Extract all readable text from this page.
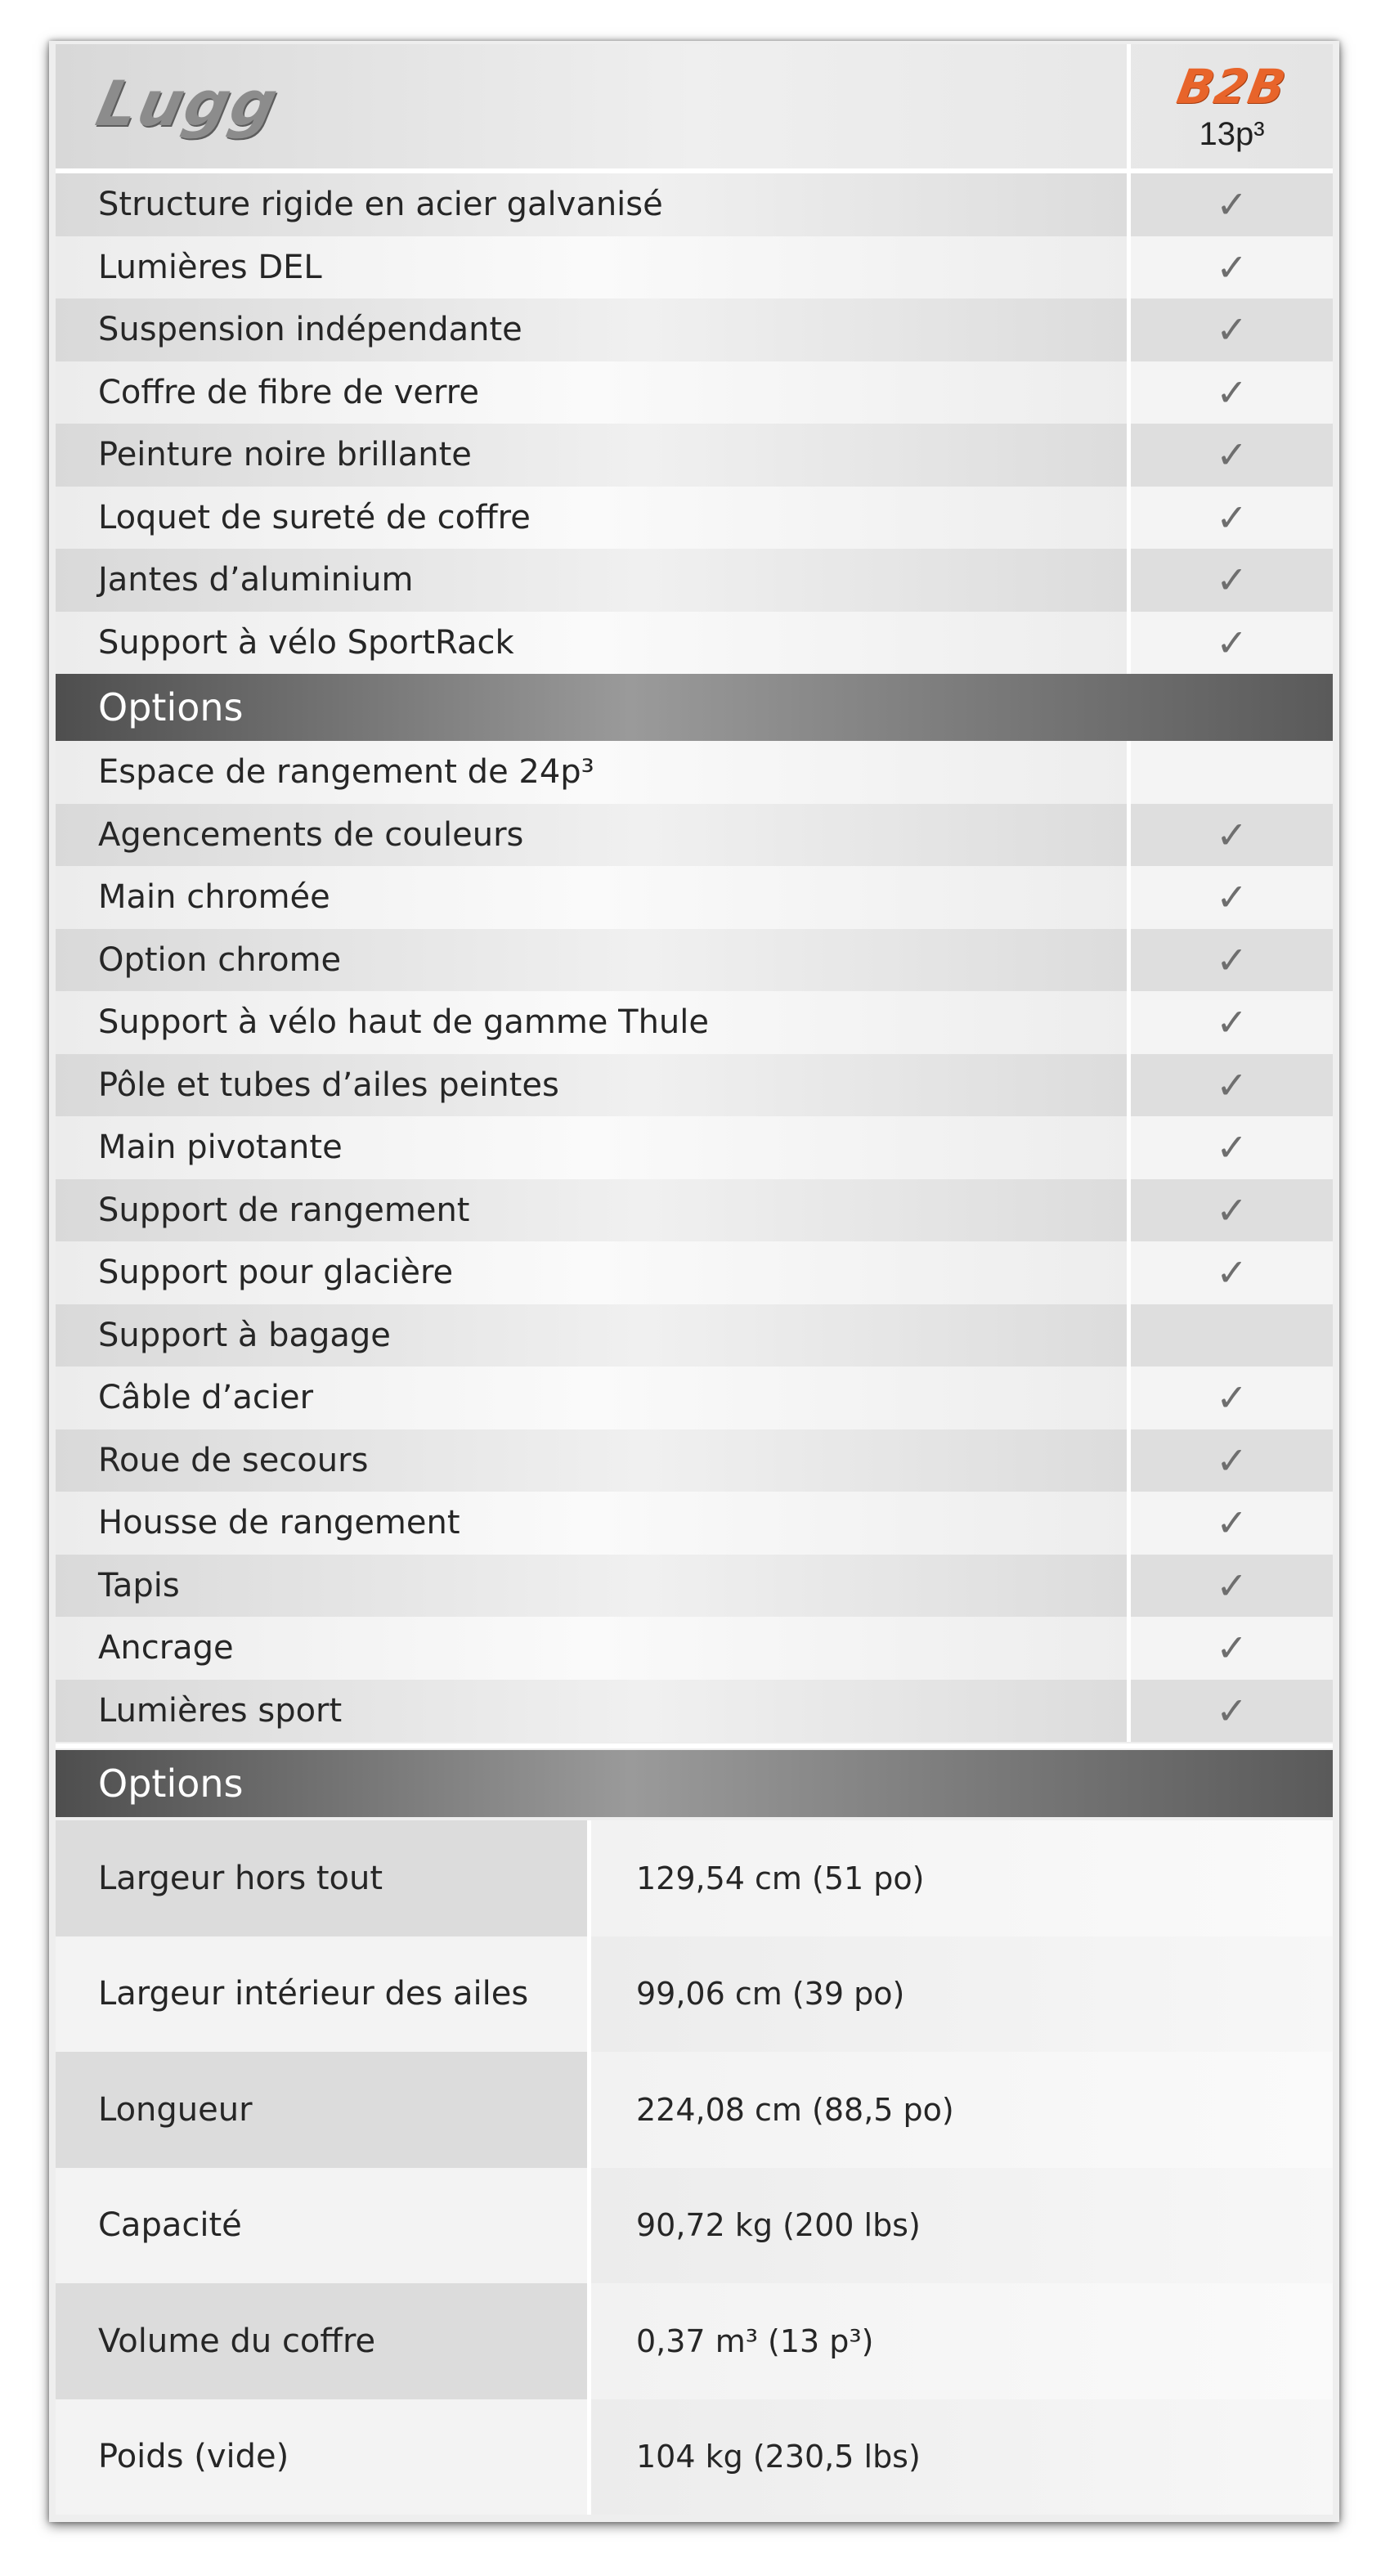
Lugg	B2B
13p³
Structure rigide en acier galvanisé	✓
Lumières DEL	✓
Suspension indépendante	✓
Coffre de fibre de verre	✓
Peinture noire brillante	✓
Loquet de sureté de coffre	✓
Jantes d’aluminium	✓
Support à vélo SportRack	✓
Options
Espace de rangement de 24p³
Agencements de couleurs	✓
Main chromée	✓
Option chrome	✓
Support à vélo haut de gamme Thule	✓
Pôle et tubes d’ailes peintes	✓
Main pivotante	✓
Support de rangement	✓
Support pour glacière	✓
Support à bagage
Câble d’acier	✓
Roue de secours	✓
Housse de rangement	✓
Tapis	✓
Ancrage	✓
Lumières sport	✓
Options
Largeur hors tout	129,54 cm (51 po)
Largeur intérieur des ailes	99,06 cm (39 po)
Longueur	224,08 cm (88,5 po)
Capacité	90,72 kg (200 lbs)
Volume du coffre	0,37 m³ (13 p³)
Poids (vide)	104 kg (230,5 lbs)
